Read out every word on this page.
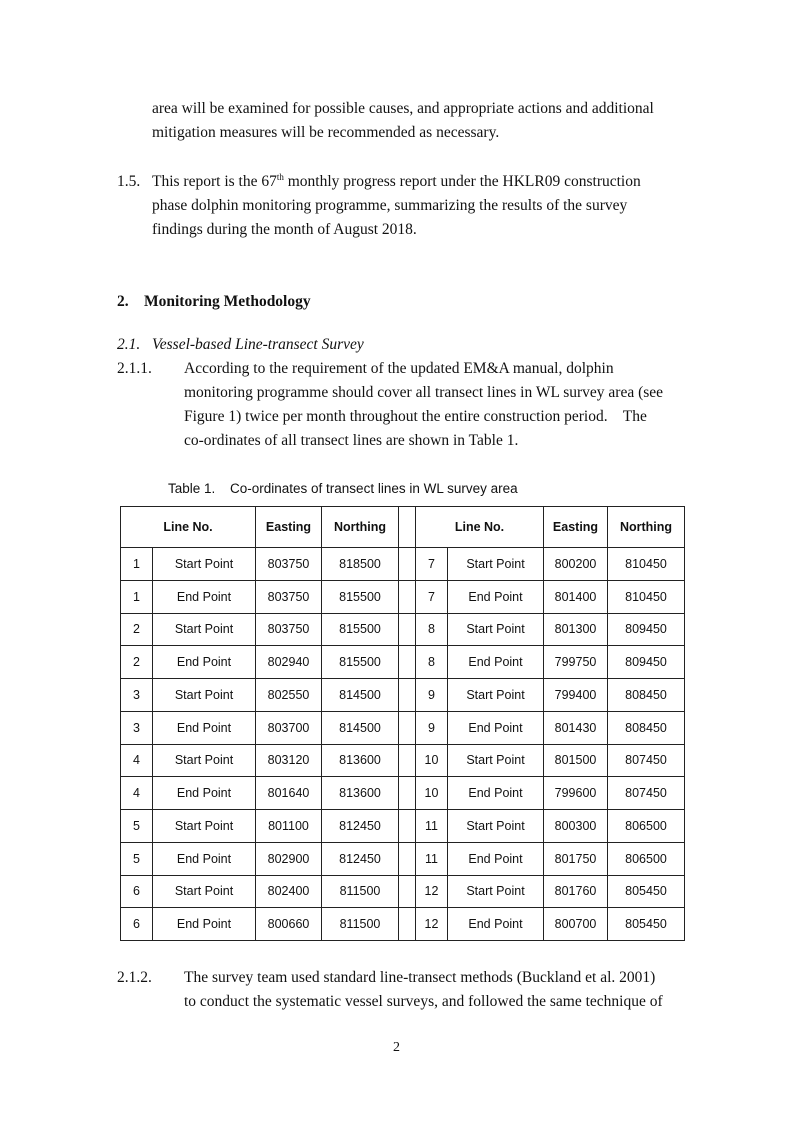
area will be examined for possible causes, and appropriate actions and additional
mitigation measures will be recommended as necessary.
1.5. This report is the 67th monthly progress report under the HKLR09 construction
phase dolphin monitoring programme, summarizing the results of the survey
findings during the month of August 2018.
2. Monitoring Methodology
2.1. Vessel-based Line-transect Survey
2.1.1. According to the requirement of the updated EM&A manual, dolphin
monitoring programme should cover all transect lines in WL survey area (see
Figure 1) twice per month throughout the entire construction period.    The
co-ordinates of all transect lines are shown in Table 1.
Table 1. Co-ordinates of transect lines in WL survey area
Line No.		Easting	Northing		Line No.		Easting	Northing
1	Start Point	803750	818500		7	Start Point	800200	810450
1	End Point	803750	815500		7	End Point	801400	810450
2	Start Point	803750	815500		8	Start Point	801300	809450
2	End Point	802940	815500		8	End Point	799750	809450
3	Start Point	802550	814500		9	Start Point	799400	808450
3	End Point	803700	814500		9	End Point	801430	808450
4	Start Point	803120	813600		10	Start Point	801500	807450
4	End Point	801640	813600		10	End Point	799600	807450
5	Start Point	801100	812450		11	Start Point	800300	806500
5	End Point	802900	812450		11	End Point	801750	806500
6	Start Point	802400	811500		12	Start Point	801760	805450
6	End Point	800660	811500		12	End Point	800700	805450
2.1.2. The survey team used standard line-transect methods (Buckland et al. 2001)
to conduct the systematic vessel surveys, and followed the same technique of
2
